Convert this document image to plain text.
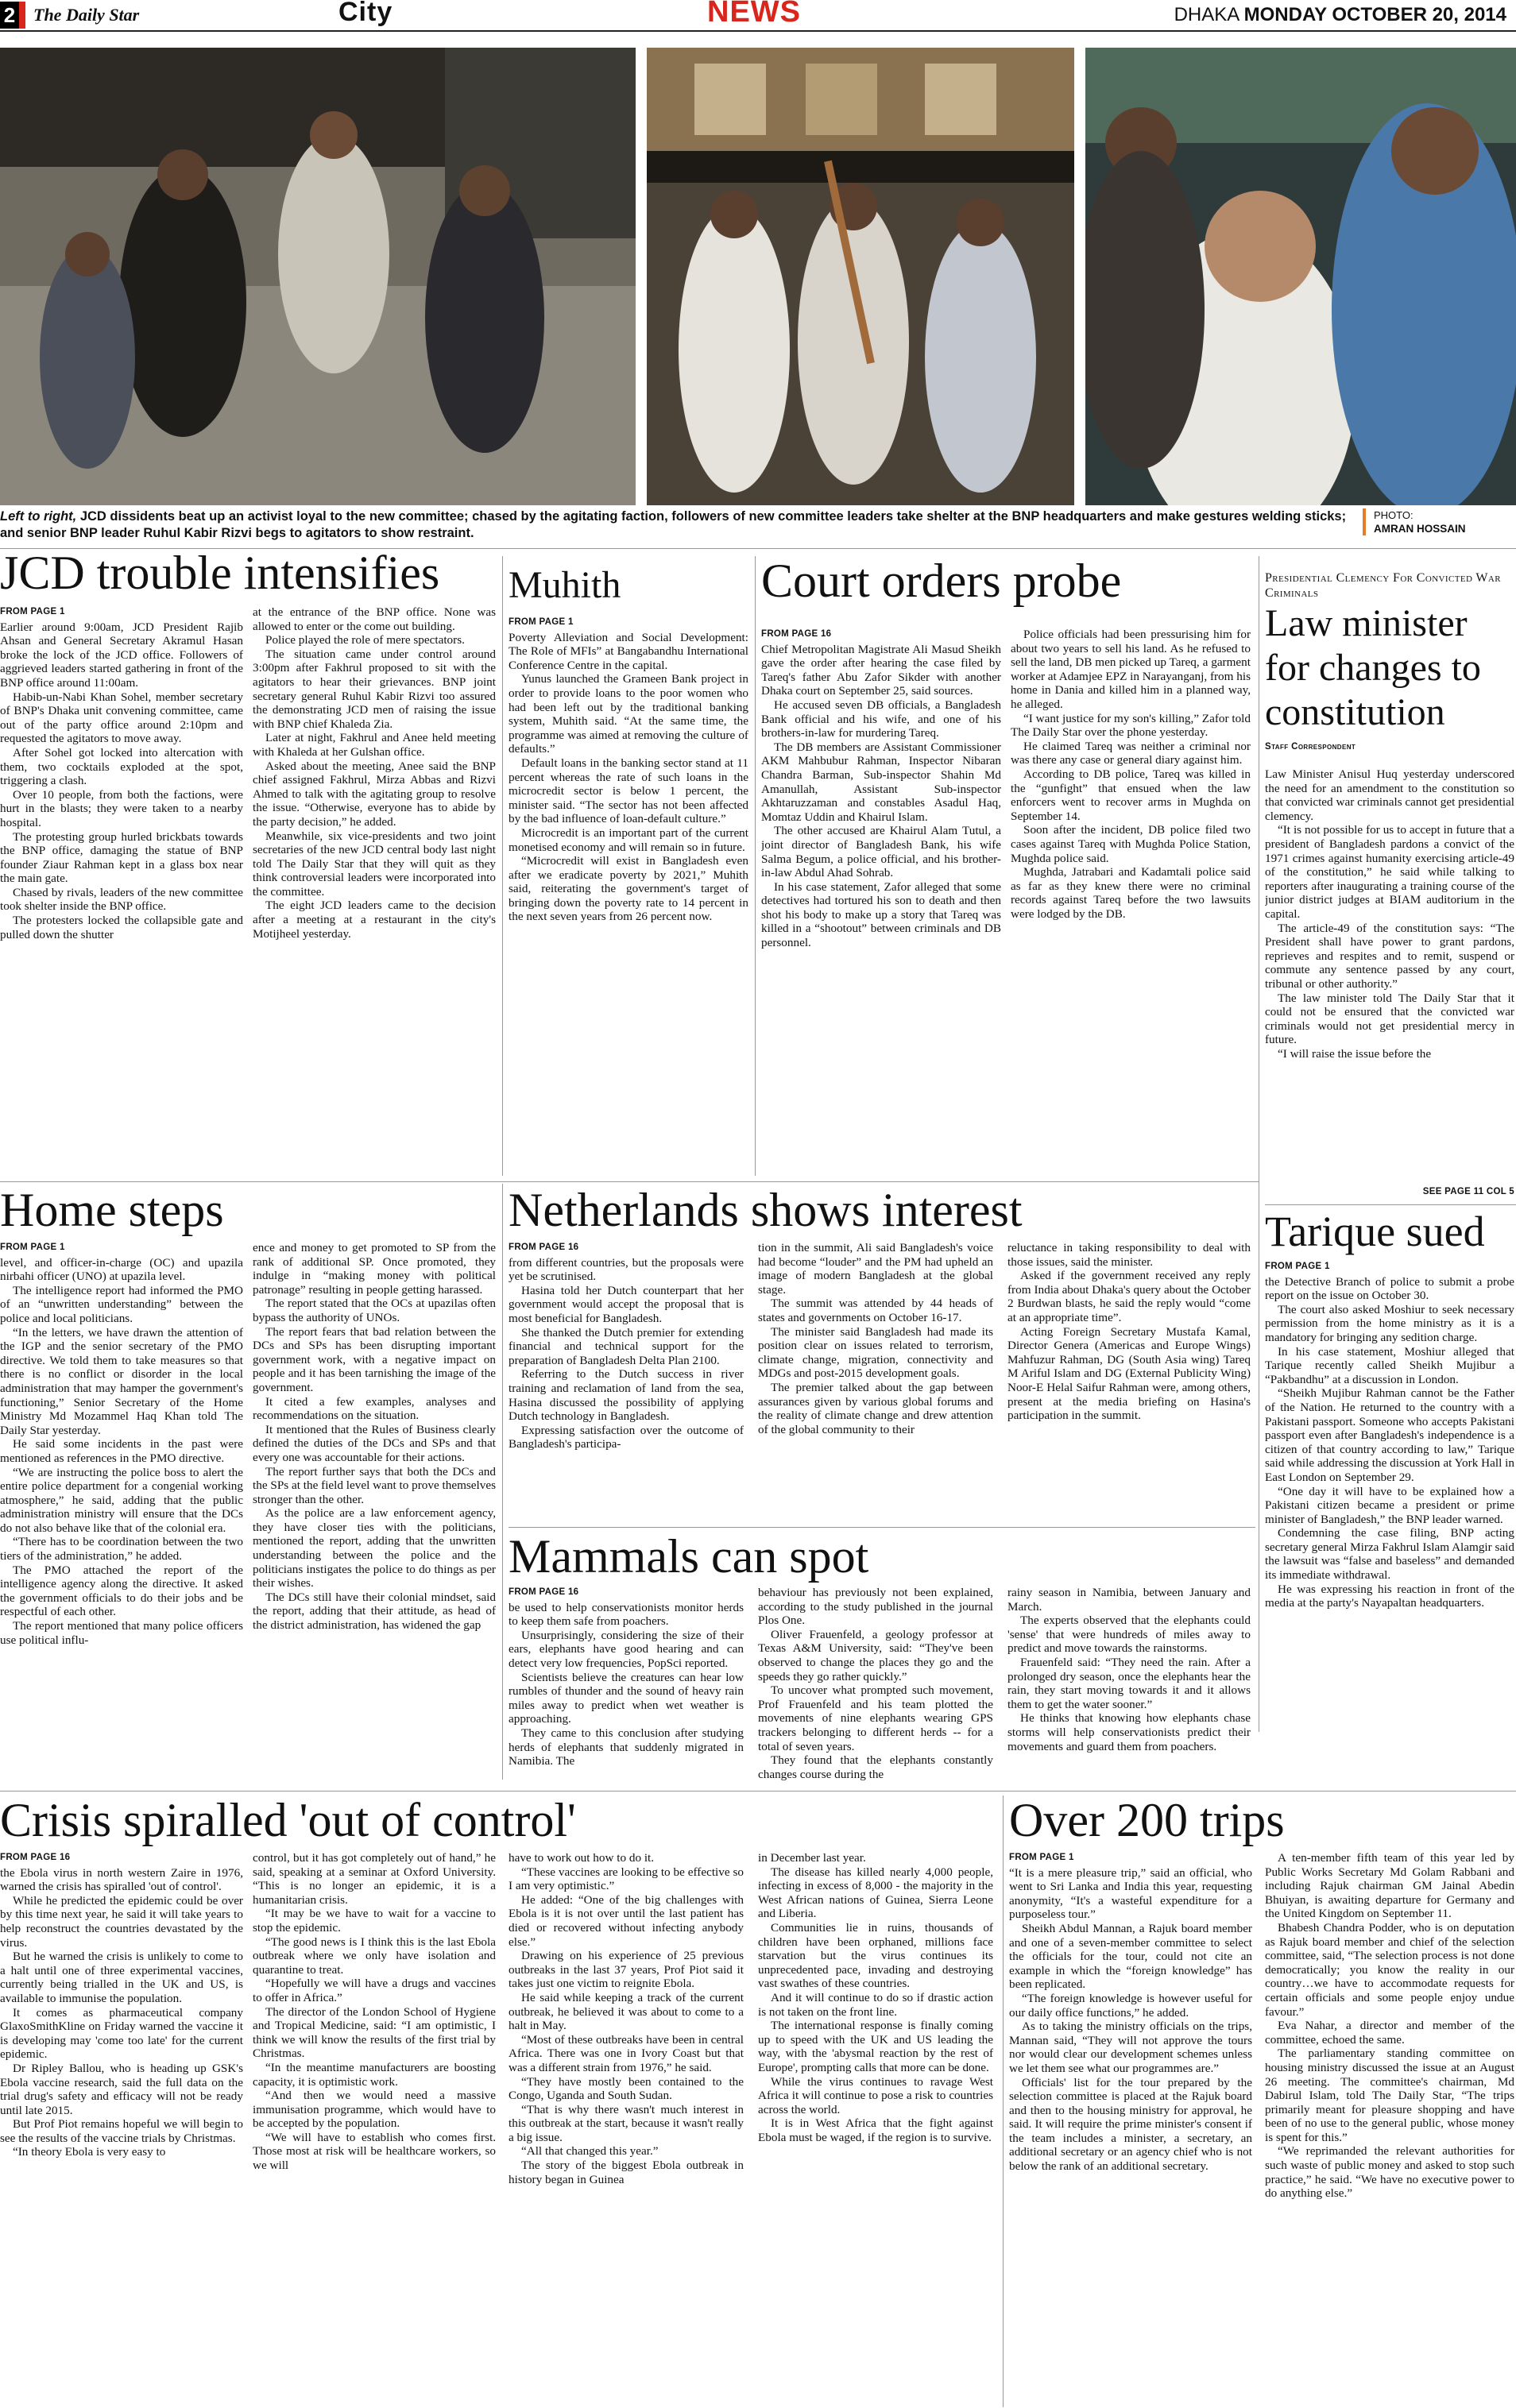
2 The Daily Star	City	NEWS	DHAKA MONDAY OCTOBER 20, 2014
Left to right, JCD dissidents beat up an activist loyal to the new committee; chased by the agitating faction, followers of new committee leaders take shelter at the BNP headquarters and make gestures welding sticks; and senior BNP leader Ruhul Kabir Rizvi begs to agitators to show restraint.
PHOTO:
AMRAN HOSSAIN
JCD trouble intensifies
FROM PAGE 1

Earlier around 9:00am, JCD President Rajib Ahsan and General Secretary Akramul Hasan broke the lock of the JCD office. Followers of aggrieved leaders started gathering in front of the BNP office around 11:00am.

Habib-un-Nabi Khan Sohel, member secretary of BNP's Dhaka unit convening committee, came out of the party office around 2:10pm and requested the agitators to move away.

After Sohel got locked into altercation with them, two cocktails exploded at the spot, triggering a clash.

Over 10 people, from both the factions, were hurt in the blasts; they were taken to a nearby hospital.

The protesting group hurled brickbats towards the BNP office, damaging the statue of BNP founder Ziaur Rahman kept in a glass box near the main gate.

Chased by rivals, leaders of the new committee took shelter inside the BNP office.

The protesters locked the collapsible gate and pulled down the shutter

at the entrance of the BNP office. None was allowed to enter or the come out building.

Police played the role of mere spectators.

The situation came under control around 3:00pm after Fakhrul proposed to sit with the agitators to hear their grievances. BNP joint secretary general Ruhul Kabir Rizvi too assured the demonstrating JCD men of raising the issue with BNP chief Khaleda Zia.

Later at night, Fakhrul and Anee held meeting with Khaleda at her Gulshan office.

Asked about the meeting, Anee said the BNP chief assigned Fakhrul, Mirza Abbas and Rizvi Ahmed to talk with the agitating group to resolve the issue. “Otherwise, everyone has to abide by the party decision,” he added.

Meanwhile, six vice-presidents and two joint secretaries of the new JCD central body last night told The Daily Star that they will quit as they think controversial leaders were incorporated into the committee.

The eight JCD leaders came to the decision after a meeting at a restaurant in the city's Motijheel yesterday.

Muhith
FROM PAGE 1

Poverty Alleviation and Social Development: The Role of MFIs” at Bangabandhu International Conference Centre in the capital.

Yunus launched the Grameen Bank project in order to provide loans to the poor women who had been left out by the traditional banking system, Muhith said. “At the same time, the programme was aimed at removing the culture of defaults.”

Default loans in the banking sector stand at 11 percent whereas the rate of such loans in the microcredit sector is below 1 percent, the minister said. “The sector has not been affected by the bad influence of loan-default culture.”

Microcredit is an important part of the current monetised economy and will remain so in future.

“Microcredit will exist in Bangladesh even after we eradicate poverty by 2021,” Muhith said, reiterating the government's target of bringing down the poverty rate to 14 percent in the next seven years from 26 percent now.

Court orders probe
FROM PAGE 16

Chief Metropolitan Magistrate Ali Masud Sheikh gave the order after hearing the case filed by Tareq's father Abu Zafor Sikder with another Dhaka court on September 25, said sources.

He accused seven DB officials, a Bangladesh Bank official and his wife, and one of his brothers-in-law for murdering Tareq.

The DB members are Assistant Commissioner AKM Mahbubur Rahman, Inspector Nibaran Chandra Barman, Sub-inspector Shahin Md Amanullah, Assistant Sub-inspector Akhtaruzzaman and constables Asadul Haq, Momtaz Uddin and Khairul Islam.

The other accused are Khairul Alam Tutul, a joint director of Bangladesh Bank, his wife Salma Begum, a police official, and his brother-in-law Abdul Ahad Sohrab.

In his case statement, Zafor alleged that some detectives had tortured his son to death and then shot his body to make up a story that Tareq was killed in a “shootout” between criminals and DB personnel.

Police officials had been pressurising him for about two years to sell his land. As he refused to sell the land, DB men picked up Tareq, a garment worker at Adamjee EPZ in Narayanganj, from his home in Dania and killed him in a planned way, he alleged.

“I want justice for my son's killing,” Zafor told The Daily Star over the phone yesterday.

He claimed Tareq was neither a criminal nor was there any case or general diary against him.

According to DB police, Tareq was killed in the “gunfight” that ensued when the law enforcers went to recover arms in Mughda on September 14.

Soon after the incident, DB police filed two cases against Tareq with Mughda Police Station, Mughda police said.

Mughda, Jatrabari and Kadamtali police said as far as they knew there were no criminal records against Tareq before the two lawsuits were lodged by the DB.

Presidential Clemency For Convicted War Criminals
Law minister
for changes to
constitution
Staff Correspondent

Law Minister Anisul Huq yesterday underscored the need for an amendment to the constitution so that convicted war criminals cannot get presidential clemency.

“It is not possible for us to accept in future that a president of Bangladesh pardons a convict of the 1971 crimes against humanity exercising article-49 of the constitution,” he said while talking to reporters after inaugurating a training course of the junior district judges at BIAM auditorium in the capital.

The article-49 of the constitution says: “The President shall have power to grant pardons, reprieves and respites and to remit, suspend or commute any sentence passed by any court, tribunal or other authority.”

The law minister told The Daily Star that it could not be ensured that the convicted war criminals would not get presidential mercy in future.

“I will raise the issue before the

SEE PAGE 11 COL 5
Home steps
FROM PAGE 1

level, and officer-in-charge (OC) and upazila nirbahi officer (UNO) at upazila level.

The intelligence report had informed the PMO of an “unwritten understanding” between the police and local politicians.

“In the letters, we have drawn the attention of the IGP and the senior secretary of the PMO directive. We told them to take measures so that there is no conflict or disorder in the local administration that may hamper the government's functioning,” Senior Secretary of the Home Ministry Md Mozammel Haq Khan told The Daily Star yesterday.

He said some incidents in the past were mentioned as references in the PMO directive.

“We are instructing the police boss to alert the entire police department for a congenial working atmosphere,” he said, adding that the public administration ministry will ensure that the DCs do not also behave like that of the colonial era.

“There has to be coordination between the two tiers of the administration,” he added.

The PMO attached the report of the intelligence agency along the directive. It asked the government officials to do their jobs and be respectful of each other.

The report mentioned that many police officers use political influ-

ence and money to get promoted to SP from the rank of additional SP. Once promoted, they indulge in “making money with political patronage” resulting in people getting harassed.

The report stated that the OCs at upazilas often bypass the authority of UNOs.

The report fears that bad relation between the DCs and SPs has been disrupting important government work, with a negative impact on people and it has been tarnishing the image of the government.

It cited a few examples, analyses and recommendations on the situation.

It mentioned that the Rules of Business clearly defined the duties of the DCs and SPs and that every one was accountable for their actions.

The report further says that both the DCs and the SPs at the field level want to prove themselves stronger than the other.

As the police are a law enforcement agency, they have closer ties with the politicians, mentioned the report, adding that the unwritten understanding between the police and the politicians instigates the police to do things as per their wishes.

The DCs still have their colonial mindset, said the report, adding that their attitude, as head of the district administration, has widened the gap

Netherlands shows interest
FROM PAGE 16

from different countries, but the proposals were yet be scrutinised.

Hasina told her Dutch counterpart that her government would accept the proposal that is most beneficial for Bangladesh.

She thanked the Dutch premier for extending financial and technical support for the preparation of Bangladesh Delta Plan 2100.

Referring to the Dutch success in river training and reclamation of land from the sea, Hasina discussed the possibility of applying Dutch technology in Bangladesh.

Expressing satisfaction over the outcome of Bangladesh's participa-

tion in the summit, Ali said Bangladesh's voice had become “louder” and the PM had upheld an image of modern Bangladesh at the global stage.

The summit was attended by 44 heads of states and governments on October 16-17.

The minister said Bangladesh had made its position clear on issues related to terrorism, climate change, migration, connectivity and MDGs and post-2015 development goals.

The premier talked about the gap between assurances given by various global forums and the reality of climate change and drew attention of the global community to their

reluctance in taking responsibility to deal with those issues, said the minister.

Asked if the government received any reply from India about Dhaka's query about the October 2 Burdwan blasts, he said the reply would “come at an appropriate time”.

Acting Foreign Secretary Mustafa Kamal, Director Genera (Americas and Europe Wings) Mahfuzur Rahman, DG (South Asia wing) Tareq M Ariful Islam and DG (External Publicity Wing) Noor-E Helal Saifur Rahman were, among others, present at the media briefing on Hasina's participation in the summit.

Mammals can spot
FROM PAGE 16

be used to help conservationists monitor herds to keep them safe from poachers.

Unsurprisingly, considering the size of their ears, elephants have good hearing and can detect very low frequencies, PopSci reported.

Scientists believe the creatures can hear low rumbles of thunder and the sound of heavy rain miles away to predict when wet weather is approaching.

They came to this conclusion after studying herds of elephants that suddenly migrated in Namibia. The

behaviour has previously not been explained, according to the study published in the journal Plos One.

Oliver Frauenfeld, a geology professor at Texas A&M University, said: “They've been observed to change the places they go and the speeds they go rather quickly.”

To uncover what prompted such movement, Prof Frauenfeld and his team plotted the movements of nine elephants wearing GPS trackers belonging to different herds -- for a total of seven years.

They found that the elephants constantly changes course during the

rainy season in Namibia, between January and March.

The experts observed that the elephants could 'sense' that were hundreds of miles away to predict and move towards the rainstorms.

Frauenfeld said: “They need the rain. After a prolonged dry season, once the elephants hear the rain, they start moving towards it and it allows them to get the water sooner.”

He thinks that knowing how elephants chase storms will help conservationists predict their movements and guard them from poachers.

Tarique sued
FROM PAGE 1

the Detective Branch of police to submit a probe report on the issue on October 30.

The court also asked Moshiur to seek necessary permission from the home ministry as it is a mandatory for bringing any sedition charge.

In his case statement, Moshiur alleged that Tarique recently called Sheikh Mujibur a “Pakbandhu” at a discussion in London.

“Sheikh Mujibur Rahman cannot be the Father of the Nation. He returned to the country with a Pakistani passport. Someone who accepts Pakistani passport even after Bangladesh's independence is a citizen of that country according to law,” Tarique said while addressing the discussion at York Hall in East London on September 29.

“One day it will have to be explained how a Pakistani citizen became a president or prime minister of Bangladesh,” the BNP leader warned.

Condemning the case filing, BNP acting secretary general Mirza Fakhrul Islam Alamgir said the lawsuit was “false and baseless” and demanded its immediate withdrawal.

He was expressing his reaction in front of the media at the party's Nayapaltan headquarters.

Crisis spiralled 'out of control'
FROM PAGE 16

the Ebola virus in north western Zaire in 1976, warned the crisis has spiralled 'out of control'.

While he predicted the epidemic could be over by this time next year, he said it will take years to help reconstruct the countries devastated by the virus.

But he warned the crisis is unlikely to come to a halt until one of three experimental vaccines, currently being trialled in the UK and US, is available to immunise the population.

It comes as pharmaceutical company GlaxoSmithKline on Friday warned the vaccine it is developing may 'come too late' for the current epidemic.

Dr Ripley Ballou, who is heading up GSK's Ebola vaccine research, said the full data on the trial drug's safety and efficacy will not be ready until late 2015.

But Prof Piot remains hopeful we will begin to see the results of the vaccine trials by Christmas.

“In theory Ebola is very easy to

control, but it has got completely out of hand,” he said, speaking at a seminar at Oxford University. “This is no longer an epidemic, it is a humanitarian crisis.

“It may be we have to wait for a vaccine to stop the epidemic.

“The good news is I think this is the last Ebola outbreak where we only have isolation and quarantine to treat.

“Hopefully we will have a drugs and vaccines to offer in Africa.”

The director of the London School of Hygiene and Tropical Medicine, said: “I am optimistic, I think we will know the results of the first trial by Christmas.

“In the meantime manufacturers are boosting capacity, it is optimistic work.

“And then we would need a massive immunisation programme, which would have to be accepted by the population.

“We will have to establish who comes first. Those most at risk will be healthcare workers, so we will

have to work out how to do it.

“These vaccines are looking to be effective so I am very optimistic.”

He added: “One of the big challenges with Ebola is it is not over until the last patient has died or recovered without infecting anybody else.”

Drawing on his experience of 25 previous outbreaks in the last 37 years, Prof Piot said it takes just one victim to reignite Ebola.

He said while keeping a track of the current outbreak, he believed it was about to come to a halt in May.

“Most of these outbreaks have been in central Africa. There was one in Ivory Coast but that was a different strain from 1976,” he said.

“They have mostly been contained to the Congo, Uganda and South Sudan.

“That is why there wasn't much interest in this outbreak at the start, because it wasn't really a big issue.

“All that changed this year.”

The story of the biggest Ebola outbreak in history began in Guinea

in December last year.

The disease has killed nearly 4,000 people, infecting in excess of 8,000 - the majority in the West African nations of Guinea, Sierra Leone and Liberia.

Communities lie in ruins, thousands of children have been orphaned, millions face starvation but the virus continues its unprecedented pace, invading and destroying vast swathes of these countries.

And it will continue to do so if drastic action is not taken on the front line.

The international response is finally coming up to speed with the UK and US leading the way, with the 'abysmal reaction by the rest of Europe', prompting calls that more can be done.

While the virus continues to ravage West Africa it will continue to pose a risk to countries across the world.

It is in West Africa that the fight against Ebola must be waged, if the region is to survive.

Over 200 trips
FROM PAGE 1

“It is a mere pleasure trip,” said an official, who went to Sri Lanka and India this year, requesting anonymity, “It's a wasteful expenditure for a purposeless tour.”

Sheikh Abdul Mannan, a Rajuk board member and one of a seven-member committee to select the officials for the tour, could not cite an example in which the “foreign knowledge” has been replicated.

“The foreign knowledge is however useful for our daily office functions,” he added.

As to taking the ministry officials on the trips, Mannan said, “They will not approve the tours nor would clear our development schemes unless we let them see what our programmes are.”

Officials' list for the tour prepared by the selection committee is placed at the Rajuk board and then to the housing ministry for approval, he said. It will require the prime minister's consent if the team includes a minister, a secretary, an additional secretary or an agency chief who is not below the rank of an additional secretary.

A ten-member fifth team of this year led by Public Works Secretary Md Golam Rabbani and including Rajuk chairman GM Jainal Abedin Bhuiyan, is awaiting departure for Germany and the United Kingdom on September 11.

Bhabesh Chandra Podder, who is on deputation as Rajuk board member and chief of the selection committee, said, “The selection process is not done democratically; you know the reality in our country…we have to accommodate requests for certain officials and some people enjoy undue favour.”

Eva Nahar, a director and member of the committee, echoed the same.

The parliamentary standing committee on housing ministry discussed the issue at an August 26 meeting. The committee's chairman, Md Dabirul Islam, told The Daily Star, “The trips primarily meant for pleasure shopping and have been of no use to the general public, whose money is spent for this.”

“We reprimanded the relevant authorities for such waste of public money and asked to stop such practice,” he said. “We have no executive power to do anything else.”
